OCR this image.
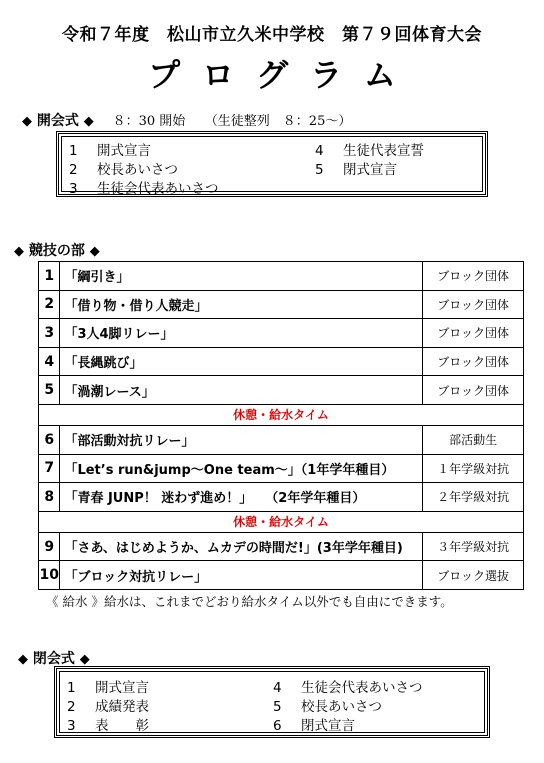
令和７年度　松山市立久米中学校　第７９回体育大会
プログラム
◆ 開会式 ◆ ８：30 開始　　（生徒整列　８：25～）
1 開式宣言
2 校長あいさつ
3 生徒会代表あいさつ
4 生徒代表宣誓
5 閉式宣言
◆ 競技の部 ◆
1	「綱引き」	ブロック団体
2	「借り物・借り人競走」	ブロック団体
3	「3人4脚リレー」	ブロック団体
4	「長縄跳び」	ブロック団体
5	「渦潮レース」	ブロック団体
休憩・給水タイム		
6	「部活動対抗リレー」	部活動生
7	「Let’s run&jump～One team～」（1年学年種目）	１年学級対抗
8	「青春 JUNP！ 迷わず進め！」　　（2年学年種目）	２年学級対抗
休憩・給水タイム		
9	「さあ、はじめようか、ムカデの時間だ!」(3年学年種目)	３年学級対抗
10	「ブロック対抗リレー」	ブロック選抜
《 給水 》給水は、これまでどおり給水タイム以外でも自由にできます。
◆ 閉会式 ◆
1 開式宣言
2 成績発表
3 表　　彰
4 生徒会代表あいさつ
5 校長あいさつ
6 閉式宣言
